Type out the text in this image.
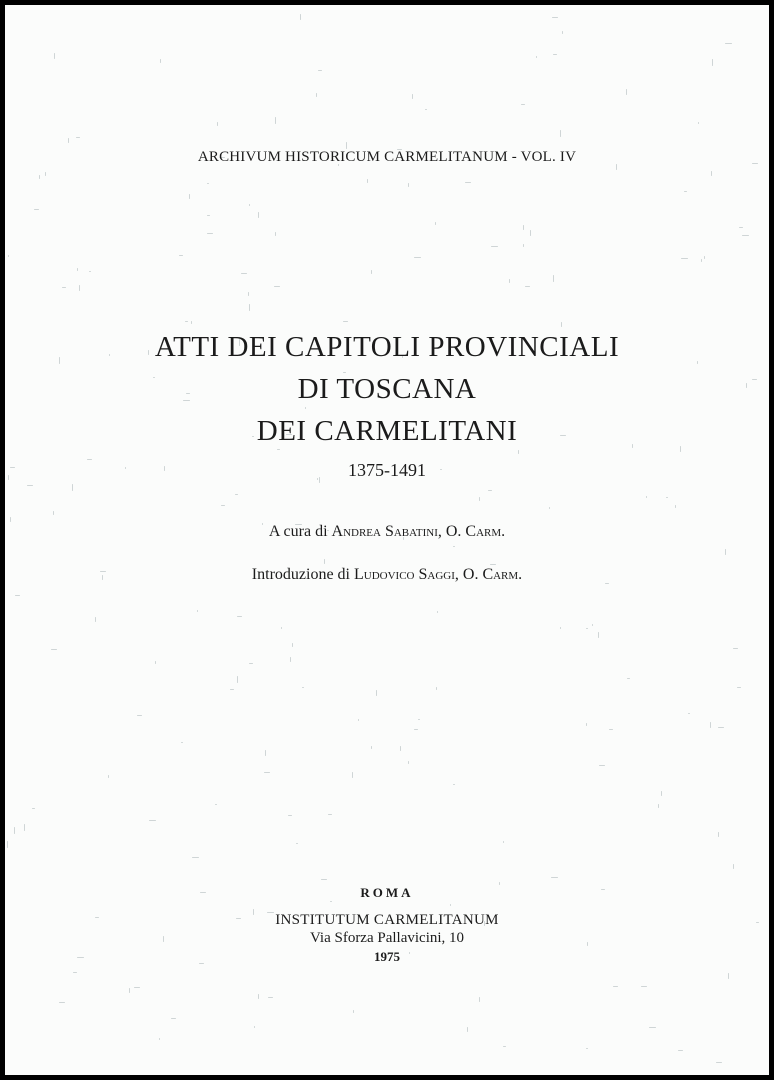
ARCHIVUM HISTORICUM CARMELITANUM - VOL. IV
ATTI DEI CAPITOLI PROVINCIALI
DI TOSCANA
DEI CARMELITANI
1375-1491
A cura di Andrea Sabatini, O. Carm.
Introduzione di Ludovico Saggi, O. Carm.
ROMA
INSTITUTUM CARMELITANUM
Via Sforza Pallavicini, 10
1975
